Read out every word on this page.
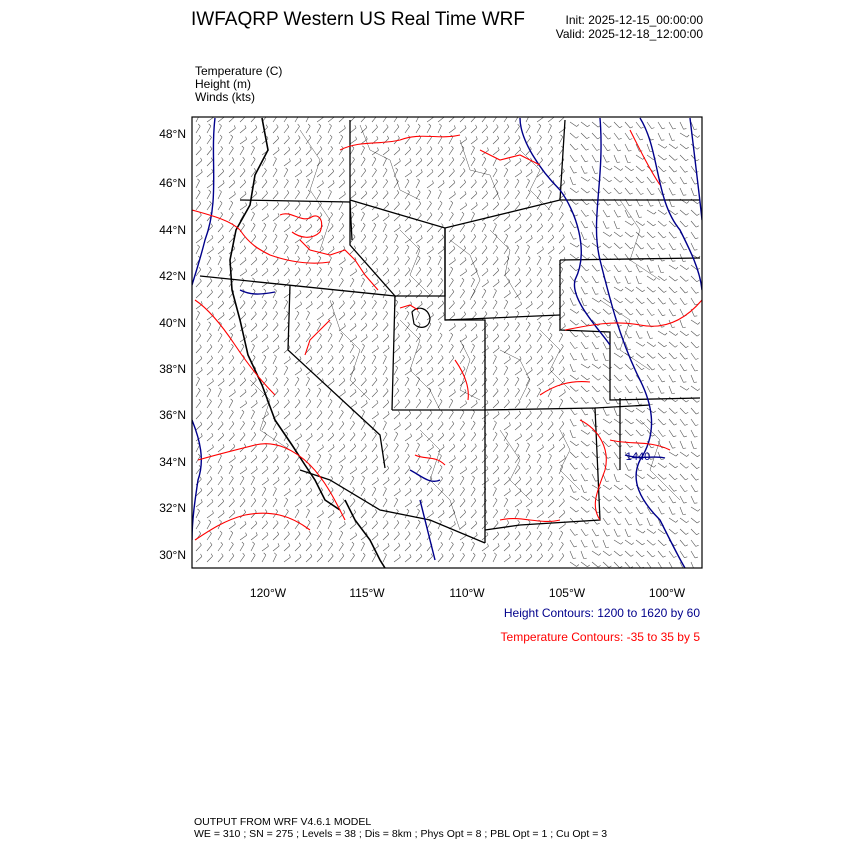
IWFAQRP Western US Real Time WRF	Init: 2025-12-15_00:00:00
Valid: 2025-12-18_12:00:00
Temperature (C)
Height (m)
Winds (kts)
1440
48°N
46°N
44°N
42°N
40°N
38°N
36°N
34°N
32°N
30°N
120°W	115°W	110°W	105°W	100°W
Height Contours: 1200 to 1620 by 60
Temperature Contours: -35 to 35 by 5
OUTPUT FROM WRF V4.6.1 MODEL
WE = 310 ; SN = 275 ; Levels = 38 ; Dis = 8km ; Phys Opt = 8 ; PBL Opt = 1 ; Cu Opt = 3
